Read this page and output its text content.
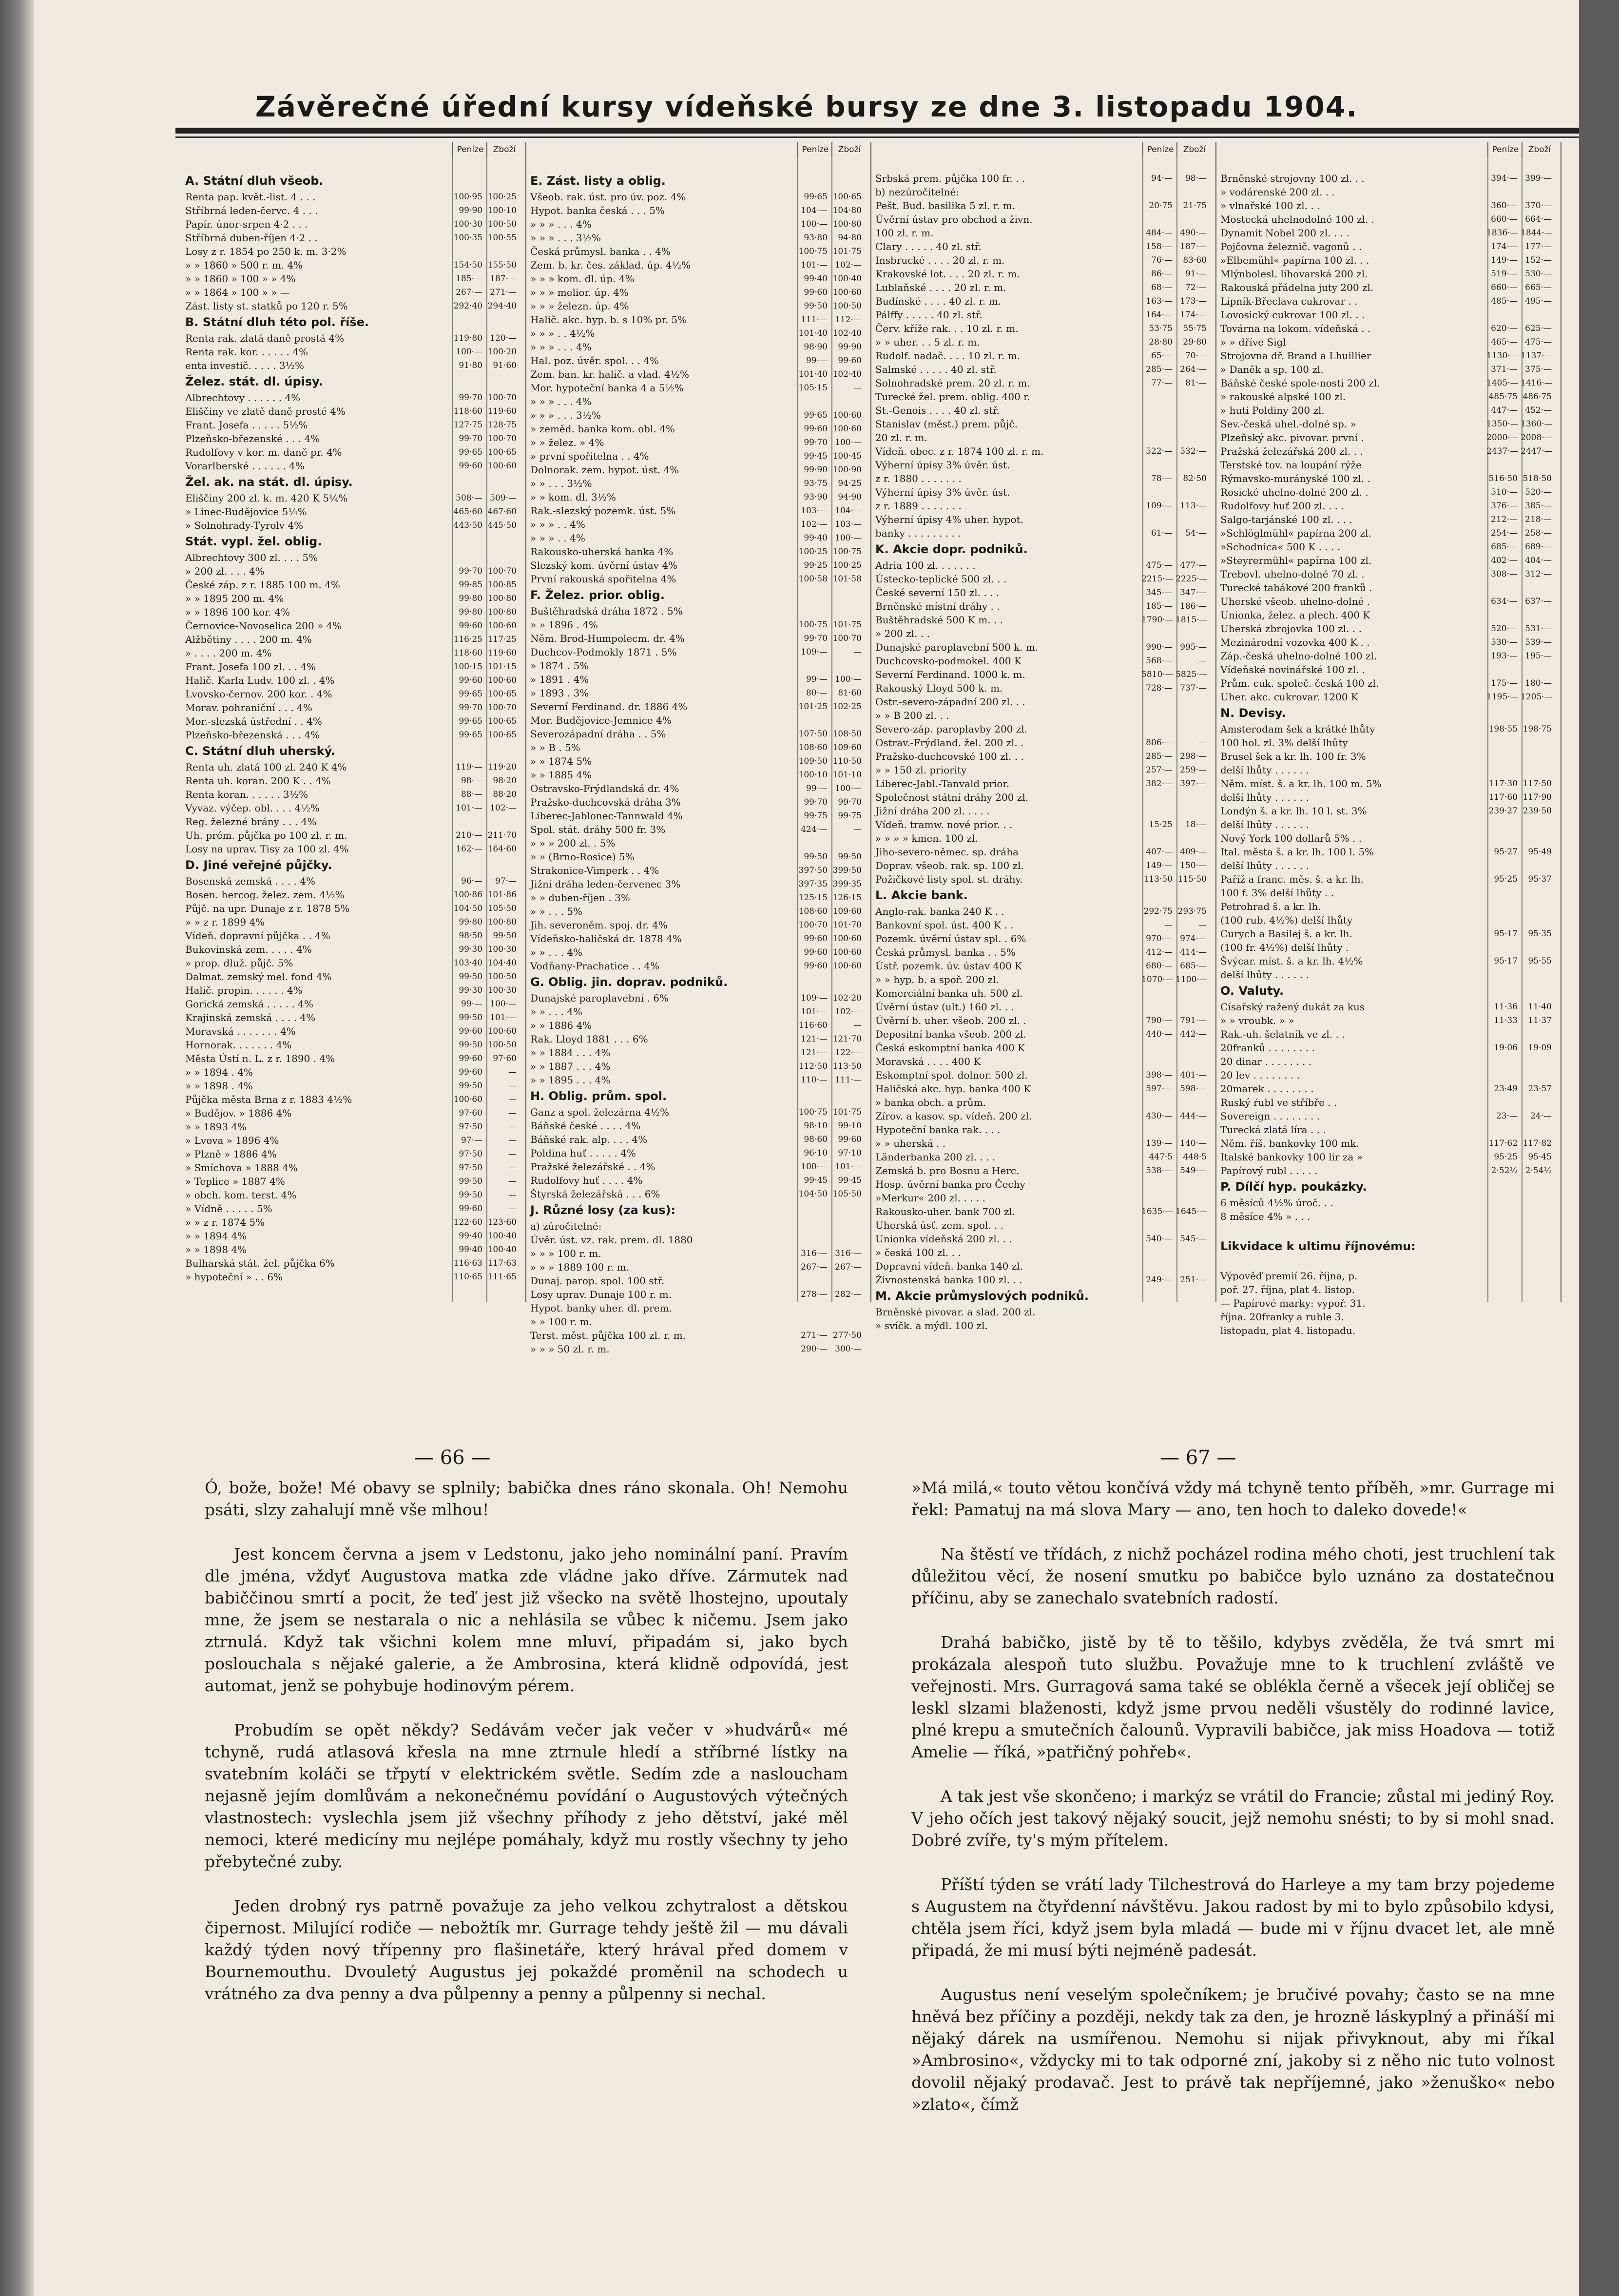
Závěrečné úřední kursy vídeňské bursy ze dne 3. listopadu 1904.
Peníze	Zboží
A. Státní dluh všeob.
Renta pap. květ.-list. 4 . . .	100·95 100·25
Stříbrná leden-červc. 4 . . .	99·90 100·10
Papír. únor-srpen 4·2 . . .	100·30 100·50
Stříbrná duben-říjen 4·2 . .	100·35 100·55
Losy z r. 1854 po 250 k. m. 3·2%
» » 1860 » 500 r. m. 4%	154·50 155·50
» » 1860 » 100 » » 4%	185·— 187·—
» » 1864 » 100 » » —	267·— 271·—
Zást. listy st. statků po 120 r. 5%	292·40 294·40
B. Státní dluh této pol. říše.
Renta rak. zlatá daně prostá 4%	119·80 120·—
Renta rak. kor. . . . . . 4%	100·— 100·20
enta investič. . . . . 3½%	91·80	91·60
Želez. stát. dl. úpisy.
Albrechtovy . . . . . . 4%	99·70 100·70
Eliščiny ve zlatě daně prosté 4%	118·60 119·60
Frant. Josefa . . . . . 5½%	127·75 128·75
Plzeňsko-březenské . . . 4%	99·70 100·70
Rudolfovy v kor. m. daně pr. 4%	99·65 100·65
Vorarlberské . . . . . . 4%	99·60 100·60
Žel. ak. na stát. dl. úpisy.
Eliščiny 200 zl. k. m. 420 K 5¼%	508·— 509·—
» Linec-Budějovice 5¼%	465·60 467·60
» Solnohrady-Tyrolv 4%	443·50 445·50
Stát. vypl. žel. oblig.
Albrechtovy 300 zl. . . . 5%
» 200 zl. . . . 4%	99·70 100·70
České záp. z r. 1885 100 m. 4%	99·85 100·85
» » 1895 200 m. 4%	99·80 100·80
» » 1896 100 kor. 4%	99·80 100·80
Černovice-Novoselica 200 » 4%	99·60 100·60
Alžbětiny . . . . 200 m. 4%	116·25 117·25
» . . . . 200 m. 4%	118·60 119·60
Frant. Josefa 100 zl. . . 4%	100·15 101·15
Halič. Karla Ludv. 100 zl. . 4%	99·60 100·60
Lvovsko-černov. 200 kor. . 4%	99·65 100·65
Morav. pohraniční . . . 4%	99·70 100·70
Mor.-slezská ústřední . . 4%	99·65 100·65
Plzeňsko-březenská . . . 4%	99·65 100·65
C. Státní dluh uherský.
Renta uh. zlatá 100 zl. 240 K 4%	119·— 119·20
Renta uh. koran. 200 K . . 4%	98·—	98·20
Renta koran. . . . . . 3½%	88·—	88·20
Vyvaz. výčep. obl. . . . 4½%	101·— 102·—
Reg. železné brány . . . 4%
Uh. prém. půjčka po 100 zl. r. m.	210·— 211·70
Losy na uprav. Tisy za 100 zl. 4%	162·— 164·60
D. Jiné veřejné půjčky.
Bosenská zemská . . . . 4%	96·—	97·—
Bosen. hercog. želez. zem. 4½%	100·86 101·86
Půjč. na upr. Dunaje z r. 1878 5%	104·50 105·50
» » z r. 1899 4%	99·80 100·80
Vídeň. dopravní půjčka . . 4%	98·50	99·50
Bukovinská zem. . . . . 4%	99·30 100·30
» prop. dluž. půjč. 5%	103·40 104·40
Dalmat. zemský mel. fond 4%	99·50 100·50
Halič. propin. . . . . . 4%	99·30 100·30
Gorická zemská . . . . . 4%	99·— 100·—
Krajinská zemská . . . . 4%	99·50 101·—
Moravská . . . . . . . 4%	99·60 100·60
Hornorak. . . . . . . 4%	99·50 100·50
Města Ústí n. L. z r. 1890 . 4%	99·60	97·60
» » 1894 . 4%	99·60	—
» » 1898 . 4%	99·50	—
Půjčka města Brna z r. 1883 4½%	100·60	—
» Budějov. » 1886 4%	97·60	—
» » 1893 4%	97·50	—
» Lvova » 1896 4%	97·—	—
» Plzně » 1886 4%	97·50	—
» Smíchova » 1888 4%	97·50	—
» Teplice » 1887 4%	99·50	—
» obch. kom. terst. 4%	99·50	—
» Vídně . . . . . 5%	99·60	—
» » z r. 1874 5%	122·60 123·60
» » 1894 4%	99·40 100·40
» » 1898 4%	99·40 100·40
Bulharská stát. žel. půjčka 6%	116·63 117·63
» hypoteční » . . 6%	110·65 111·65
Peníze	Zboží
E. Zást. listy a oblig.
Všeob. rak. úst. pro úv. poz. 4%	99·65 100·65
Hypot. banka česká . . . 5%	104·— 104·80
» » » . . . 4%	100·— 100·80
» » » . . . 3½%	93·80	94·80
Česká průmysl. banka . . 4%	100·75 101·75
Zem. b. kr. čes. základ. úp. 4½%	101·— 102·—
» » » kom. dl. úp. 4%	99·40 100·40
» » » melior. úp. 4%	99·60 100·60
» » » železn. úp. 4%	99·50 100·50
Halič. akc. hyp. b. s 10% pr. 5%	111·— 112·—
» » » . . 4½%	101·40 102·40
» » » . . . 4%	98·90	99·90
Hal. poz. úvěr. spol. . . 4%	99·—	99·60
Zem. ban. kr. halič. a vlad. 4½%	101·40 102·40
Mor. hypoteční banka 4 a 5½%	105·15	—
» » » . . . 4%
» » » . . . 3½%	99·65 100·60
» zeměd. banka kom. obl. 4%	99·60 100·60
» » želez. » 4%	99·70 100·—
» první spořitelna . . 4%	99·45 100·45
Dolnorak. zem. hypot. úst. 4%	99·90 100·90
» » . . . 3½%	93·75	94·25
» » kom. dl. 3½%	93·90	94·90
Rak.-slezský pozemk. úst. 5%	103·— 104·—
» » » . . 4%	102·— 103·—
» » » . . 4%	99·40 100·—
Rakousko-uherská banka 4%	100·25 100·75
Slezský kom. úvěrní ústav 4%	99·25 100·25
První rakouská spořitelna 4%	100·58 101·58
F. Želez. prior. oblig.
Buštěhradská dráha 1872 . 5%
» » 1896 . 4%	100·75 101·75
Něm. Brod-Humpolecm. dr. 4%	99·70 100·70
Duchcov-Podmokly 1871 . 5%	109·—	—
» 1874 . 5%
» 1891 . 4%	99·— 100·—
» 1893 . 3%	80·—	81·60
Severní Ferdinand. dr. 1886 4%	101·25 102·25
Mor. Budějovice-Jemnice 4%
Severozápadní dráha . . 5%	107·50 108·50
» » B . 5%	108·60 109·60
» » 1874 5%	109·50 110·50
» » 1885 4%	100·10 101·10
Ostravsko-Frýdlandská dr. 4%	99·— 100·—
Pražsko-duchcovská dráha 3%	99·70	99·70
Liberec-Jablonec-Tannwald 4%	99·75	99·75
Spol. stát. dráhy 500 fr. 3%	424·—	—
» » » 200 zl. . 5%
» » (Brno-Rosice) 5%	99·50	99·50
Strakonice-Vimperk . . 4%	397·50 399·50
Jižní dráha leden-červenec 3%	397·35 399·35
» » duben-říjen . 3%	125·15 126·15
» » . . . 5%	108·60 109·60
Jih. severoněm. spoj. dr. 4%	100·70 101·70
Vídeňsko-haličská dr. 1878 4%	99·60 100·60
» » . . . 4%	99·60 100·60
Vodňany-Prachatice . . 4%	99·60 100·60
G. Oblig. jin. doprav. podniků.
Dunajské paroplavební . 6%	109·— 102·20
» » . . . 4%	101·— 102·—
» » 1886 4%	116·60	—
Rak. Lloyd 1881 . . . 6%	121·— 121·70
» » 1884 . . . 4%	121·— 122·—
» » 1887 . . . 4%	112·50 113·50
» » 1895 . . . 4%	110·— 111·—
H. Oblig. prům. spol.
Ganz a spol. železárna 4½%	100·75 101·75
Báňské české . . . . 4%	98·10	99·10
Báňské rak. alp. . . . 4%	98·60	99·60
Poldina huť . . . . . 4%	96·10	97·10
Pražské železářské . . 4%	100·— 101·—
Rudolfovy huť . . . . 4%	99·45	99·45
Štyrská železářská . . . 6%	104·50 105·50
J. Různé losy (za kus):
a) zúročitelné:
Úvěr. úst. vz. rak. prem. dl. 1880
» » » 100 r. m.	316·— 316·—
» » » 1889 100 r. m.	267·— 267·—
Dunaj. parop. spol. 100 stř.
Losy uprav. Dunaje 100 r. m.	278·— 282·—
Hypot. banky uher. dl. prem.
» » 100 r. m.
Terst. měst. půjčka 100 zl. r. m.	271·— 277·50
» » » 50 zl. r. m.	290·— 300·—
Peníze	Zboží
Srbská prem. půjčka 100 fr. . .	94·—	98·—
b) nezúročitelné:
Pešt. Bud. basilika 5 zl. r. m.	20·75	21·75
Úvěrní ústav pro obchod a živn.
100 zl. r. m.	484·— 490·—
Clary . . . . . 40 zl. stř.	158·— 187·—
Insbrucké . . . . 20 zl. r. m.	76·—	83·60
Krakovské lot. . . . 20 zl. r. m.	86·—	91·—
Lublaňské . . . . 20 zl. r. m.	68·—	72·—
Budínské . . . . 40 zl. r. m.	163·— 173·—
Pálffy . . . . . 40 zl. stř.	164·— 174·—
Červ. kříže rak. . . 10 zl. r. m.	53·75	55·75
» » uher. . . 5 zl. r. m.	28·80	29·80
Rudolf. nadač. . . . 10 zl. r. m.	65·—	70·—
Salmské . . . . . 40 zl. stř.	285·— 264·—
Solnohradské prem. 20 zl. r. m.	77·—	81·—
Turecké žel. prem. oblig. 400 r.
St.-Genois . . . . 40 zl. stř.
Stanislav (měst.) prem. půjč.
20 zl. r. m.
Vídeň. obec. z r. 1874 100 zl. r. m.	522·— 532·—
Výherní úpisy 3% úvěr. úst.
z r. 1880 . . . . . . .	78·—	82·50
Výherní úpisy 3% úvěr. úst.
z r. 1889 . . . . . . .	109·— 113·—
Výherní úpisy 4% uher. hypot.
banky . . . . . . . . .	61·—	54·—
K. Akcie dopr. podniků.
Adria 100 zl. . . . . . .	475·— 477·—
Ústecko-teplické 500 zl. . .	2215·— 2225·—
České severní 150 zl. . . .	345·— 347·—
Brněnské místní dráhy . .	185·— 186·—
Buštěhradské 500 K m. . .	1790·— 1815·—
» 200 zl. . .
Dunajské paroplavební 500 k. m.	990·— 995·—
Duchcovsko-podmokel. 400 K	568·—	—
Severní Ferdinand. 1000 k. m.	5810·— 5825·—
Rakouský Lloyd 500 k. m.	728·— 737·—
Ostr.-severo-západní 200 zl. . .
» » B 200 zl. . .
Severo-záp. paroplavby 200 zl.
Ostrav.-Frýdland. žel. 200 zl. .	806·—	—
Pražsko-duchcovské 100 zl. . .	285·— 298·—
» » 150 zl. priority	257·— 259·—
Liberec-Jabl.-Tanvald prior.	382·— 397·—
Společnost státní dráhy 200 zl.
Jižní dráha 200 zl. . . . .
Vídeň. tramw. nové prior. . .	15·25	18·—
» » » » kmen. 100 zl.
Jiho-severo-němec. sp. dráha	407·— 409·—
Doprav. všeob. rak. sp. 100 zl.	149·— 150·—
Požičkové listy spol. st. dráhy.	113·50 115·50
L. Akcie bank.
Anglo-rak. banka 240 K . .	292·75 293·75
Bankovní spol. úst. 400 K . .	—	—
Pozemk. úvěrní ústav spl. . 6%	970·— 974·—
Česká průmysl. banka . . 5%	412·— 414·—
Ústř. pozemk. úv. ústav 400 K	680·— 685·—
» » hyp. b. a spoř. 200 zl.	1070·— 1100·—
Komerciální banka uh. 500 zl.
Úvěrní ústav (ult.) 160 zl. . .
Úvěrní b. uher. všeob. 200 zl. .	790·— 791·—
Depositní banka všeob. 200 zl.	440·— 442·—
Česká eskomptní banka 400 K
Moravská . . . . 400 K
Eskomptní spol. dolnor. 500 zl.	398·— 401·—
Haličská akc. hyp. banka 400 K	597·— 598·—
» banka obch. a prům.
Zírov. a kasov. sp. vídeň. 200 zl.	430·— 444·—
Hypoteční banka rak. . . .
» » uherská . .	139·— 140·—
Länderbanka 200 zl. . . .	447·5	448·5
Zemská b. pro Bosnu a Herc.	538·— 549·—
Hosp. úvěrní banka pro Čechy
»Merkur« 200 zl. . . . .
Rakousko-uher. bank 700 zl.	1635·— 1645·—
Uherská úsť. zem. spol. . .
Unionka vídeňská 200 zl. . .	540·— 545·—
» česká 100 zl. . .
Dopravní vídeň. banka 140 zl.
Živnostenská banka 100 zl. . .	249·— 251·—
M. Akcie průmyslových podniků.
Brněnské pivovar. a slad. 200 zl.
» svíčk. a mýdl. 100 zl.
Peníze	Zboží
Brněnské strojovny 100 zl. . .	394·— 399·—
» vodárenské 200 zl. . .
» vlnařské 100 zl. . .	360·— 370·—
Mostecká uhelnodolné 100 zl. .	660·— 664·—
Dynamit Nobel 200 zl. . . .	1836·— 1844·—
Pojčovna železnič. vagonů . .	174·— 177·—
»Elbemühl« papírna 100 zl. . .	149·— 152·—
Mlýnbolesl. lihovarská 200 zl.	519·— 530·—
Rakouská přádelna juty 200 zl.	660·— 665·—
Lipník-Břeclava cukrovar . .	485·— 495·—
Lovosický cukrovar 100 zl. . .
Továrna na lokom. vídeňská . .	620·— 625·—
» » dříve Sigl	465·— 475·—
Strojovna dř. Brand a Lhuillier	1130·— 1137·—
» Daněk a sp. 100 zl.	371·— 375·—
Báňské české spole-nosti 200 zl.	1405·— 1416·—
» rakouské alpské 100 zl.	485·75 486·75
» huti Poldiny 200 zl.	447·— 452·—
Sev.-česká uhel.-dolné sp. »	1350·— 1360·—
Plzeňský akc. pivovar. první .	2000·— 2008·—
Pražská železářská 200 zl. . .	2437·— 2447·—
Terstské tov. na loupání rýže
Rýmavsko-murányské 100 zl. .	516·50 518·50
Rosické uhelno-dolné 200 zl. .	510·— 520·—
Rudolfovy huť 200 zl. . . .	376·— 385·—
Salgo-tarjánské 100 zl. . . .	212·— 218·—
»Schlöglmühl« papírna 200 zl.	254·— 258·—
»Schodnica« 500 K . . . .	685·— 689·—
»Steyrermühl« papírna 100 zl.	402·— 404·—
Trebovl. uhelno-dolné 70 zl. .	308·— 312·—
Turecké tabákové 200 franků .
Uherské všeob. uhelno-dolné .	634·— 637·—
Unionka, želez. a plech. 400 K
Uherská zbrojovka 100 zl. . .	520·— 531·—
Mezinárodní vozovka 400 K . .	530·— 539·—
Záp.-česká uhelno-dolné 100 zl.	193·— 195·—
Vídeňské novinářské 100 zl. .
Prům. cuk. společ. česká 100 zl.	175·— 180·—
Uher. akc. cukrovar. 1200 K	1195·— 1205·—
N. Devisy.
Amsterodam šek a krátké lhůty	198·55 198·75
100 hol. zl. 3% delší lhůty
Brusel šek a kr. lh. 100 fr. 3%
delší lhůty . . . . . .
Něm. míst. š. a kr. lh. 100 m. 5%	117·30 117·50
delší lhůty . . . . . .	117·60 117·90
Londýn š. a kr. lh. 10 l. st. 3%	239·27 239·50
delší lhůty . . . . . .
Nový York 100 dollarů 5% . .
Ital. města š. a kr. lh. 100 l. 5%	95·27	95·49
delší lhůty . . . . . .
Paříž a franc. měs. š. a kr. lh.	95·25	95·37
100 f. 3% delší lhůty . .
Petrohrad š. a kr. lh.
(100 rub. 4½%) delší lhůty
Curych a Basilej š. a kr. lh.	95·17	95·35
(100 fr. 4½%) delší lhůty .
Švýcar. míst. š. a kr. lh. 4½%	95·17	95·55
delší lhůty . . . . . .
O. Valuty.
Císařský ražený dukát za kus	11·36	11·40
» » vroubk. » »	11·33	11·37
Rak.-uh. šelatník ve zl. . .
20franků . . . . . . . .	19·06	19·09
20 dinar . . . . . . . .
20 lev . . . . . . . .
20marek . . . . . . . .	23·49	23·57
Ruský ŕubl ve stříbře . .
Sovereign . . . . . . . .	23·—	24·—
Turecká zlatá líra . . .
Něm. říš. bankovky 100 mk.	117·62 117·82
Italské bankovky 100 lir za »	95·25	95·45
Papírový rubl . . . . .	2·52½ 2·54½
P. Dílčí hyp. poukázky.
6 měsíců 4½% úroč. . .
8 měsíce 4% » . . .
Likvidace k ultimu říjnovému:
Výpověď premií 26. října, p.
poř. 27. října, plat 4. listop.
— Papírové marky: vypoř. 31.
října. 20franky a ruble 3.
listopadu, plat 4. listopadu.
— 66 —	— 67 —

Ó, bože, bože! Mé obavy se splnily; babička dnes ráno skonala. Oh! Nemohu psáti, slzy zahalují mně vše mlhou!

Jest koncem června a jsem v Ledstonu, jako jeho nominální paní. Pravím dle jména, vždyť Augustova matka zde vládne jako dříve. Zármutek nad babiččinou smrtí a pocit, že teď jest již všecko na světě lhostejno, upoutaly mne, že jsem se nestarala o nic a nehlásila se vůbec k ničemu. Jsem jako ztrnulá. Když tak všichni kolem mne mluví, připadám si, jako bych poslouchala s nějaké galerie, a že Ambrosina, která klidně odpovídá, jest automat, jenž se pohybuje hodinovým pérem.

Probudím se opět někdy? Sedávám večer jak večer v »hudvárů« mé tchyně, rudá atlasová křesla na mne ztrnule hledí a stříbrné lístky na svatebním koláči se třpytí v elektrickém světle. Sedím zde a nasloucham nejasně jejím domlůvám a nekonečnému povídání o Augustových výtečných vlastnostech: vyslechla jsem již všechny příhody z jeho dětství, jaké měl nemoci, které medicíny mu nejlépe pomáhaly, když mu rostly všechny ty jeho přebytečné zuby.

Jeden drobný rys patrně považuje za jeho velkou zchytralost a dětskou čipernost. Milující rodiče — nebožtík mr. Gurrage tehdy ještě žil — mu dávali každý týden nový třípenny pro flašinetáře, který hrával před domem v Bournemouthu. Dvouletý Augustus jej pokaždé proměnil na schodech u vrátného za dva penny a dva půlpenny a penny a půlpenny si nechal.

»Má milá,« touto větou končívá vždy má tchyně tento příběh, »mr. Gurrage mi řekl: Pamatuj na má slova Mary — ano, ten hoch to daleko dovede!«

Na štěstí ve třídách, z nichž pocházel rodina mého choti, jest truchlení tak důležitou věcí, že nosení smutku po babičce bylo uznáno za dostatečnou příčinu, aby se zanechalo svatebních radostí.

Drahá babičko, jistě by tě to těšilo, kdybys zvěděla, že tvá smrt mi prokázala alespoň tuto službu. Považuje mne to k truchlení zvláště ve veřejnosti. Mrs. Gurragová sama také se oblékla černě a všecek její obličej se leskl slzami blaženosti, když jsme prvou neděli všustěly do rodinné lavice, plné krepu a smutečních čalounů. Vypravili babičce, jak miss Hoadova — totiž Amelie — říká, »patřičný pohřeb«.

A tak jest vše skončeno; i markýz se vrátil do Francie; zůstal mi jediný Roy. V jeho očích jest takový nějaký soucit, jejž nemohu snésti; to by si mohl snad. Dobré zvíře, ty's mým přítelem.

Příští týden se vrátí lady Tilchestrová do Harleye a my tam brzy pojedeme s Augustem na čtyřdenní návštěvu. Jakou radost by mi to bylo způsobilo kdysi, chtěla jsem říci, když jsem byla mladá — bude mi v říjnu dvacet let, ale mně připadá, že mi musí býti nejméně padesát.

Augustus není veselým společníkem; je bručivé povahy; často se na mne hněvá bez příčiny a později, nekdy tak za den, je hrozně láskyplný a přináší mi nějaký dárek na usmířenou. Nemohu si nijak přivyknout, aby mi říkal »Ambrosino«, vždycky mi to tak odporné zní, jakoby si z něho nic tuto volnost dovolil nějaký prodavač. Jest to právě tak nepříjemné, jako »ženuško« nebo »zlato«, čímž
